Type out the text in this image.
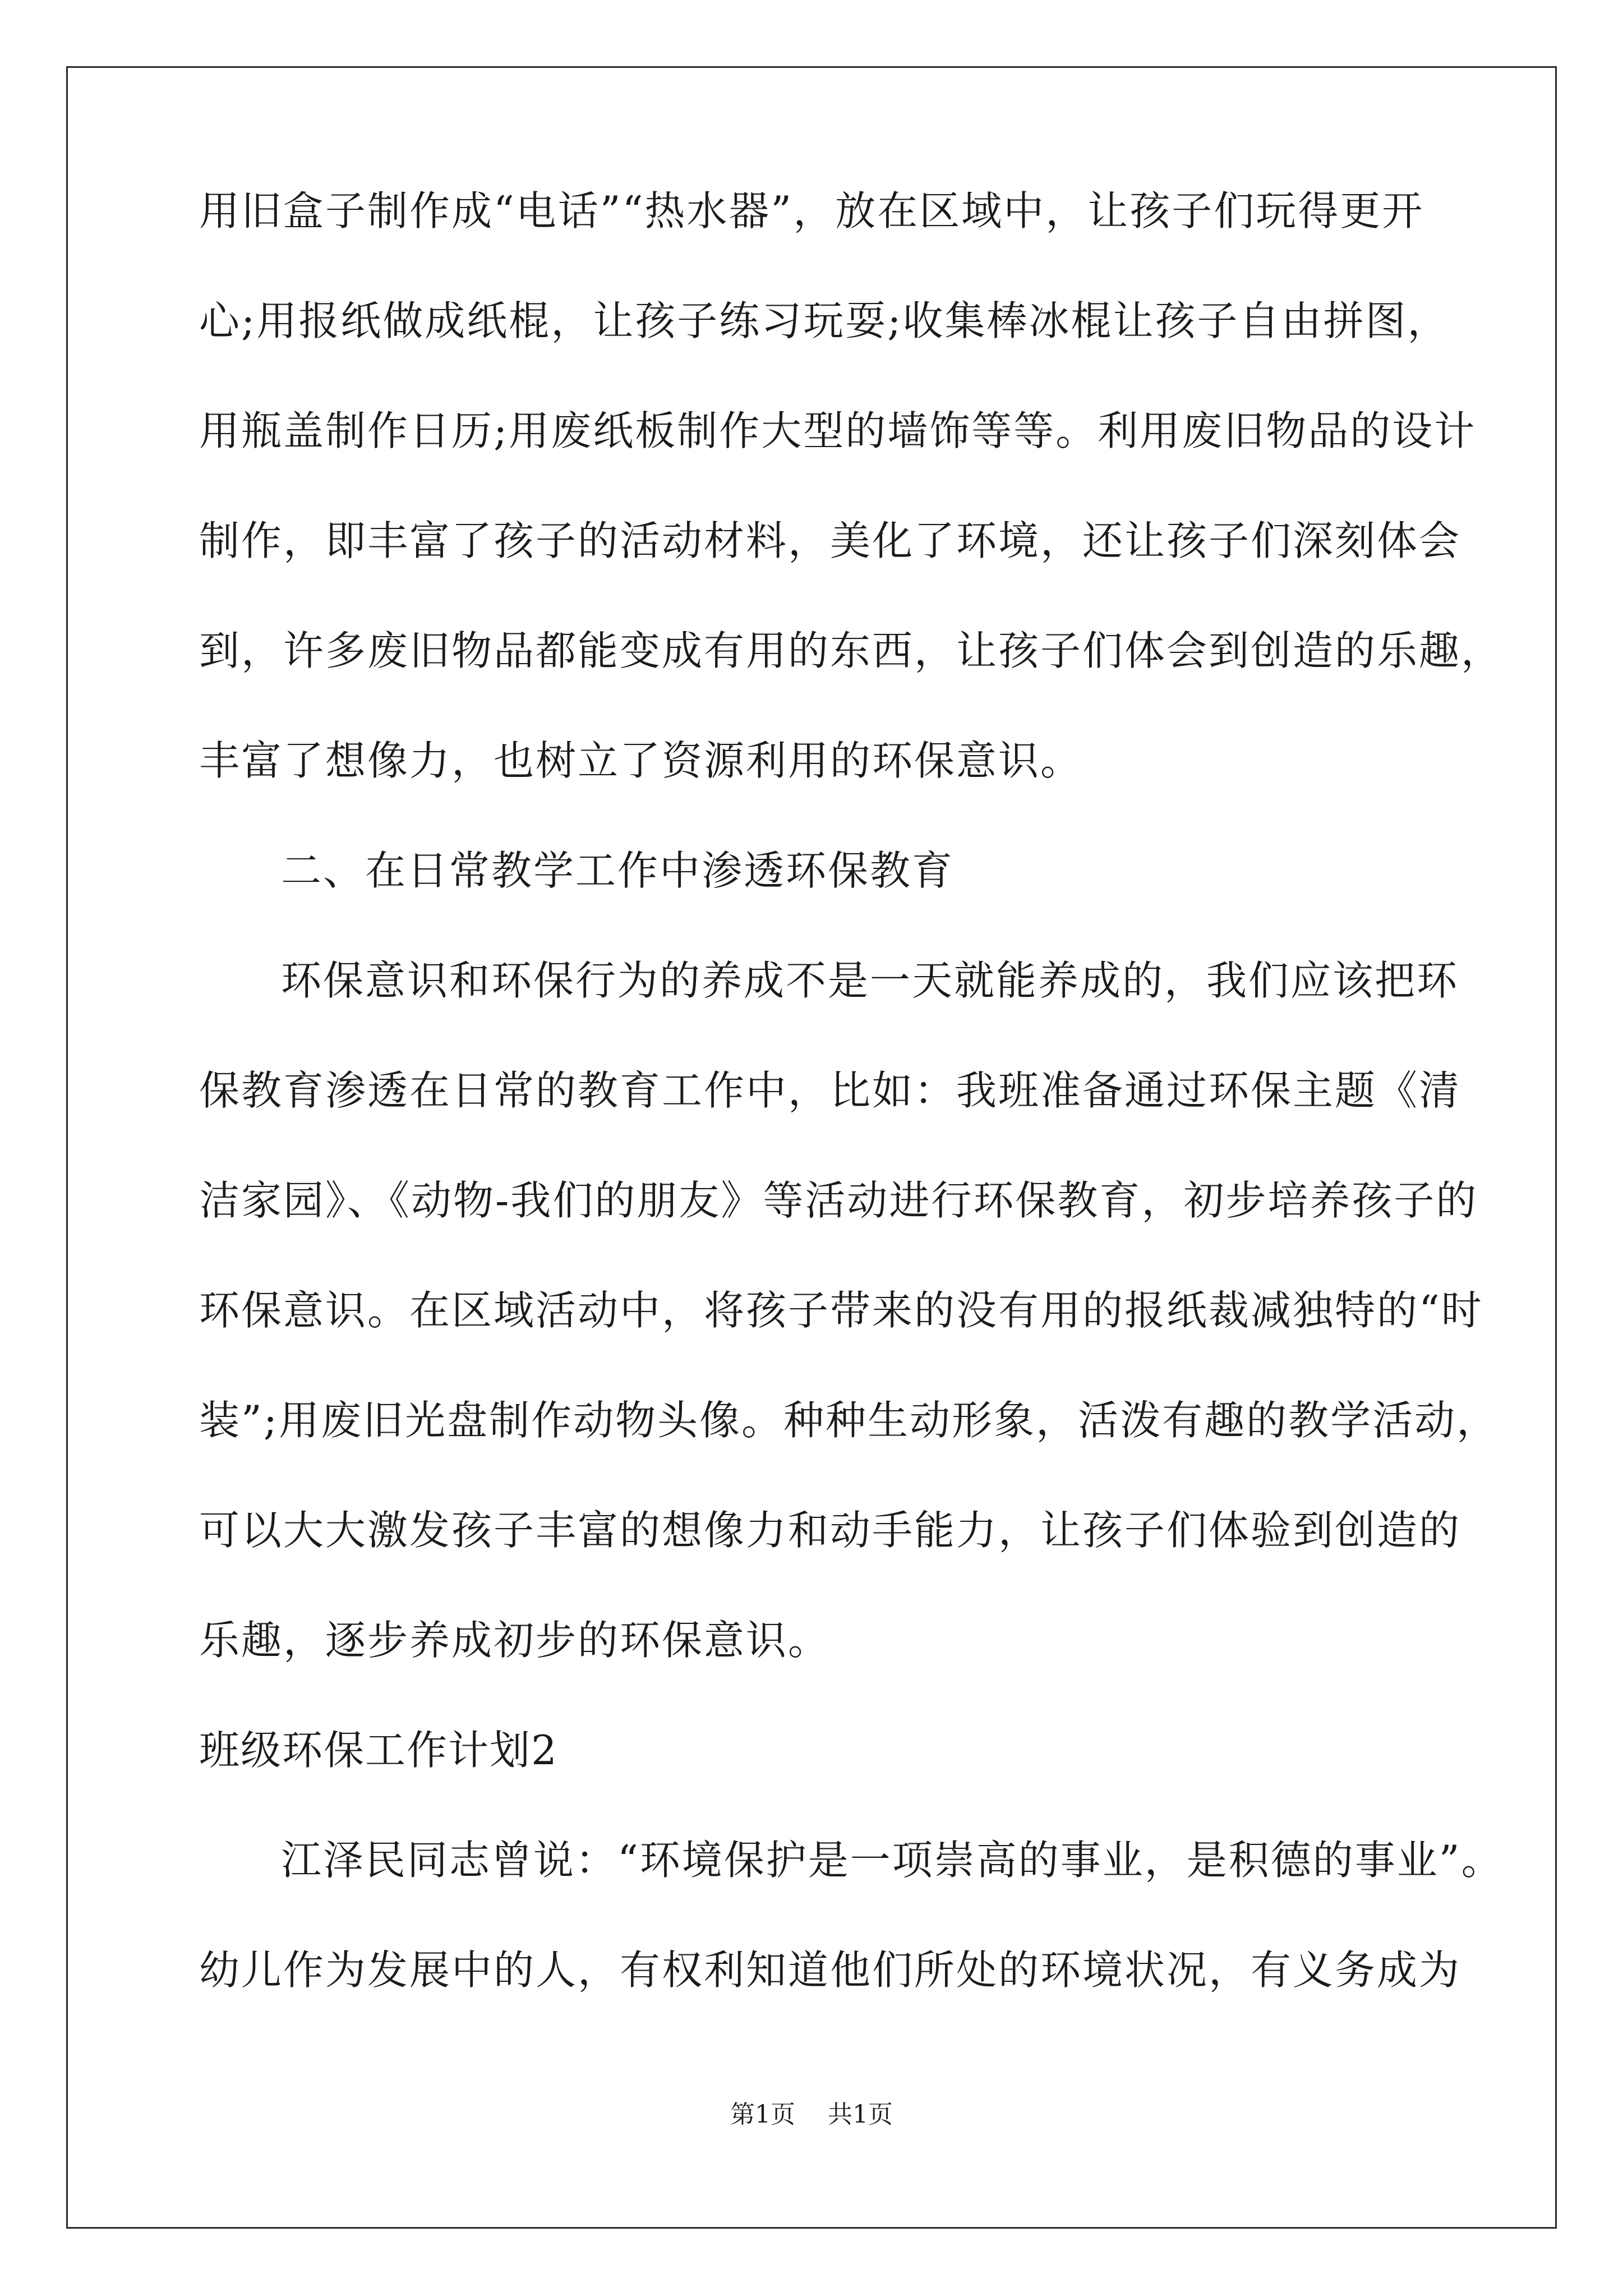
用旧盒子制作成“电话”“热水器”，放在区域中，让孩子们玩得更开
心;用报纸做成纸棍，让孩子练习玩耍;收集棒冰棍让孩子自由拼图，
用瓶盖制作日历;用废纸板制作大型的墙饰等等。利用废旧物品的设计
制作，即丰富了孩子的活动材料，美化了环境，还让孩子们深刻体会
到，许多废旧物品都能变成有用的东西，让孩子们体会到创造的乐趣，
丰富了想像力，也树立了资源利用的环保意识。
二、在日常教学工作中渗透环保教育
环保意识和环保行为的养成不是一天就能养成的，我们应该把环
保教育渗透在日常的教育工作中，比如：我班准备通过环保主题《清
洁家园》、《动物-我们的朋友》等活动进行环保教育，初步培养孩子的
环保意识。在区域活动中，将孩子带来的没有用的报纸裁减独特的“时
装”;用废旧光盘制作动物头像。种种生动形象，活泼有趣的教学活动，
可以大大激发孩子丰富的想像力和动手能力，让孩子们体验到创造的
乐趣，逐步养成初步的环保意识。
班级环保工作计划2
江泽民同志曾说：“环境保护是一项崇高的事业，是积德的事业”。
幼儿作为发展中的人，有权利知道他们所处的环境状况，有义务成为
第1页 共1页
